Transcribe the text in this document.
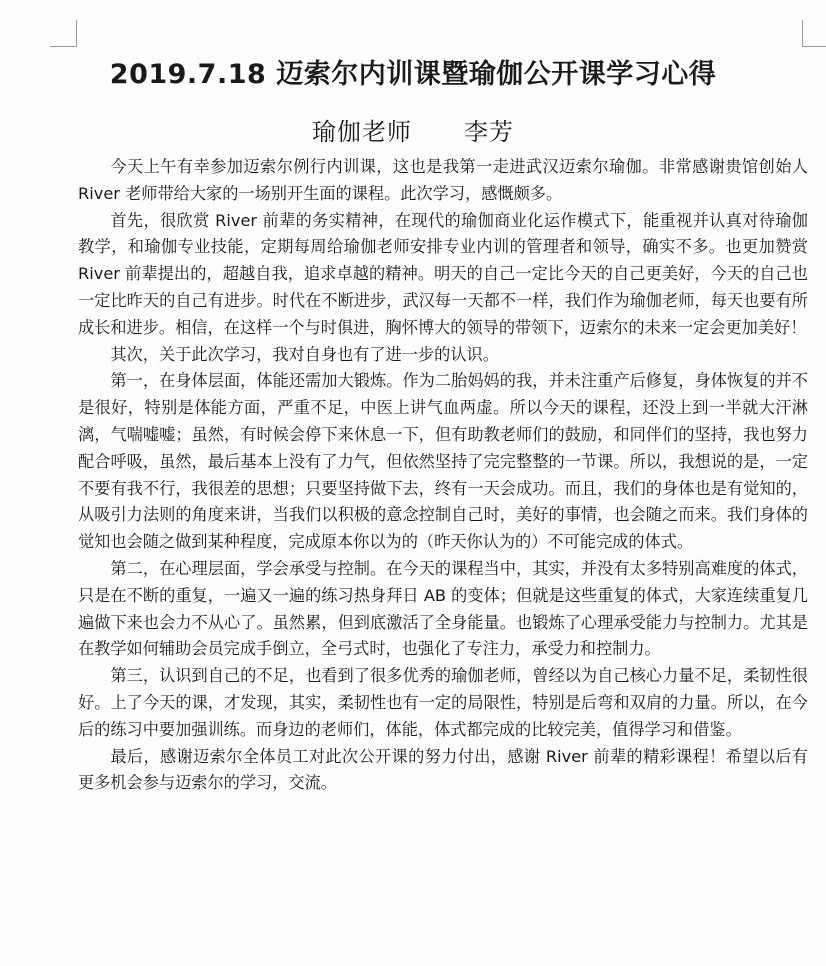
2019.7.18 迈索尔内训课暨瑜伽公开课学习心得
瑜伽老师 李芳

今天上午有幸参加迈索尔例行内训课，这也是我第一走进武汉迈索尔瑜伽。非常感谢贵馆创始人 River 老师带给大家的一场别开生面的课程。此次学习，感慨颇多。

首先，很欣赏 River 前辈的务实精神，在现代的瑜伽商业化运作模式下，能重视并认真对待瑜伽教学，和瑜伽专业技能，定期每周给瑜伽老师安排专业内训的管理者和领导，确实不多。也更加赞赏 River 前辈提出的，超越自我，追求卓越的精神。明天的自己一定比今天的自己更美好，今天的自己也一定比昨天的自己有进步。时代在不断进步，武汉每一天都不一样，我们作为瑜伽老师，每天也要有所成长和进步。相信，在这样一个与时俱进，胸怀博大的领导的带领下，迈索尔的未来一定会更加美好！

其次，关于此次学习，我对自身也有了进一步的认识。

第一，在身体层面，体能还需加大锻炼。作为二胎妈妈的我，并未注重产后修复，身体恢复的并不是很好，特别是体能方面，严重不足，中医上讲气血两虚。所以今天的课程，还没上到一半就大汗淋漓，气喘嘘嘘；虽然，有时候会停下来休息一下，但有助教老师们的鼓励，和同伴们的坚持，我也努力配合呼吸，虽然，最后基本上没有了力气，但依然坚持了完完整整的一节课。所以，我想说的是，一定不要有我不行，我很差的思想；只要坚持做下去，终有一天会成功。而且，我们的身体也是有觉知的，从吸引力法则的角度来讲，当我们以积极的意念控制自己时，美好的事情，也会随之而来。我们身体的觉知也会随之做到某种程度，完成原本你以为的（昨天你认为的）不可能完成的体式。

第二，在心理层面，学会承受与控制。在今天的课程当中，其实，并没有太多特别高难度的体式，只是在不断的重复，一遍又一遍的练习热身拜日 AB 的变体；但就是这些重复的体式，大家连续重复几遍做下来也会力不从心了。虽然累，但到底激活了全身能量。也锻炼了心理承受能力与控制力。尤其是在教学如何辅助会员完成手倒立，全弓式时，也强化了专注力，承受力和控制力。

第三，认识到自己的不足，也看到了很多优秀的瑜伽老师，曾经以为自己核心力量不足，柔韧性很好。上了今天的课，才发现，其实，柔韧性也有一定的局限性，特别是后弯和双肩的力量。所以，在今后的练习中要加强训练。而身边的老师们，体能，体式都完成的比较完美，值得学习和借鉴。

最后，感谢迈索尔全体员工对此次公开课的努力付出，感谢 River 前辈的精彩课程！希望以后有更多机会参与迈索尔的学习，交流。
